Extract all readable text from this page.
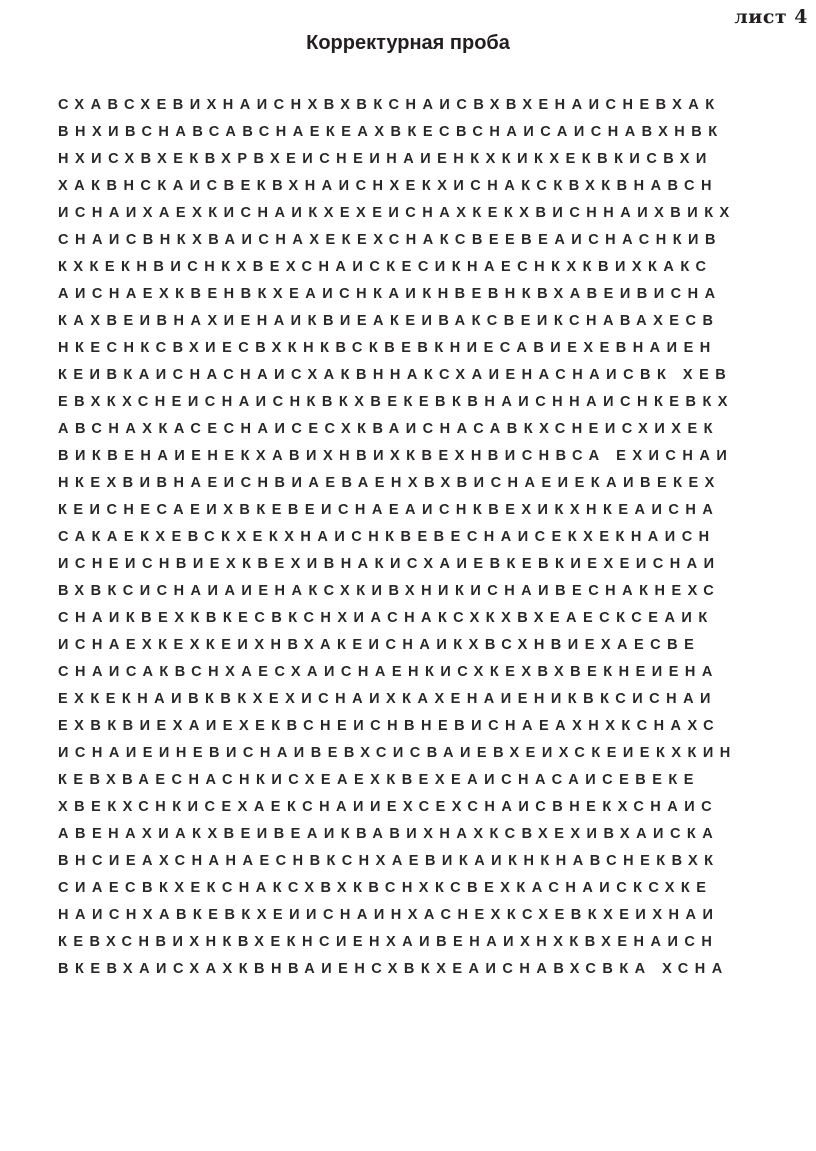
лист 4
Корректурная проба
СХАВСХЕВИХНАИСНХВХВКСНАИСВХВХЕНАИСНЕВХАК
ВНХИВСНАВСАВСНАЕКЕАХВКЕСВСНАИСАИСНАВХНВК
НХИСХВХЕКВХРВХЕИСНЕИНАИЕНКХКИКХЕКВКИСВХИ
ХАКВНСКАИСВЕКВХНАИСНХЕКХИСНАКСКВХКВНАВСН
ИСНАИХАЕХКИСНАИКХЕХЕИСНАХКЕКХВИСННАИХВИКХ
СНАИСВНКХВАИСНАХЕКЕХСНАКСВЕЕВЕАИСНАСНКИВ
КХКЕКНВИСНКХВЕХСНАИСКЕСИКНАЕСНКХКВИХКАКС
АИСНАЕХКВЕНВКХЕАИСНКАИКНВЕВНКВХАВЕИВИСНА
КАХВЕИВНАХИЕНАИКВИЕАКЕИВАКСВЕИКСНАВАХЕСВ
НКЕСНКСВХИЕСВХКНКВСКВЕВКНИЕСАВИЕХЕВНАИЕН
КЕИВКАИСНАСНАИСХАКВННАКСХАИЕНАСНАИСВК ХЕВ
ЕВХКХСНЕИСНАИСНКВКХВЕКЕВКВНАИСННАИСНКЕВКХ
АВСНАХКАСЕСНАИСЕСХКВАИСНАСАВКХСНЕИСХИХЕК
ВИКВЕНАИЕНЕКХАВИХНВИХКВЕХНВИСНВСА ЕХИСНАИ
НКЕХВИВНАЕИСНВИАЕВАЕНХВХВИСНАЕИЕКАИВЕКЕХ
КЕИСНЕСАЕИХВКЕВЕИСНАЕАИСНКВЕХИКХНКЕАИСНА
САКАЕКХЕВСКХЕКХНАИСНКВЕВЕСНАИСЕКХЕКНАИСН
ИСНЕИСНВИЕХКВЕХИВНАКИСХАИЕВКЕВКИЕХЕИСНАИ
ВХВКСИСНАИАИЕНАКСХКИВХНИКИСНАИВЕСНАКНЕХС
СНАИКВЕХКВКЕСВКСНХИАСНАКСХКХВХЕАЕСКСЕАИК
ИСНАЕХКЕХКЕИХНВХАКЕИСНАИКХВСХНВИЕХАЕСВЕ
СНАИСАКВСНХАЕСХАИСНАЕНКИСХКЕХВХВЕКНЕИЕНА
ЕХКЕКНАИВКВКХЕХИСНАИХКАХЕНАИЕНИКВКСИСНАИ
ЕХВКВИЕХАИЕХЕКВСНЕИСНВНЕВИСНАЕАХНХКСНАХС
ИСНАИЕИНЕВИСНАИВЕВХСИСВАИЕВХЕИХСКЕИЕКХКИН
КЕВХВАЕСНАСНКИСХЕАЕХКВЕХЕАИСНАСАИСЕВЕКЕ
ХВЕКХСНКИСЕХАЕКСНАИИЕХСЕХСНАИСВНЕКХСНАИС
АВЕНАХИАКХВЕИВЕАИКВАВИХНАХКСВХЕХИВХАИСКА
ВНСИЕАХСНАНАЕСНВКСНХАЕВИКАИКНКНАВСНЕКВХК
СИАЕСВКХЕКСНАКСХВХКВСНХКСВЕХКАСНАИСКСХКЕ
НАИСНХАВКЕВКХЕИИСНАИНХАСНЕХКСХЕВКХЕИХНАИ
КЕВХСНВИХНКВХЕКНСИЕНХАИВЕНАИХНХКВХЕНАИСН
ВКЕВХАИСХАХКВНВАИЕНСХВКХЕАИСНАВХСВКА ХСНА
